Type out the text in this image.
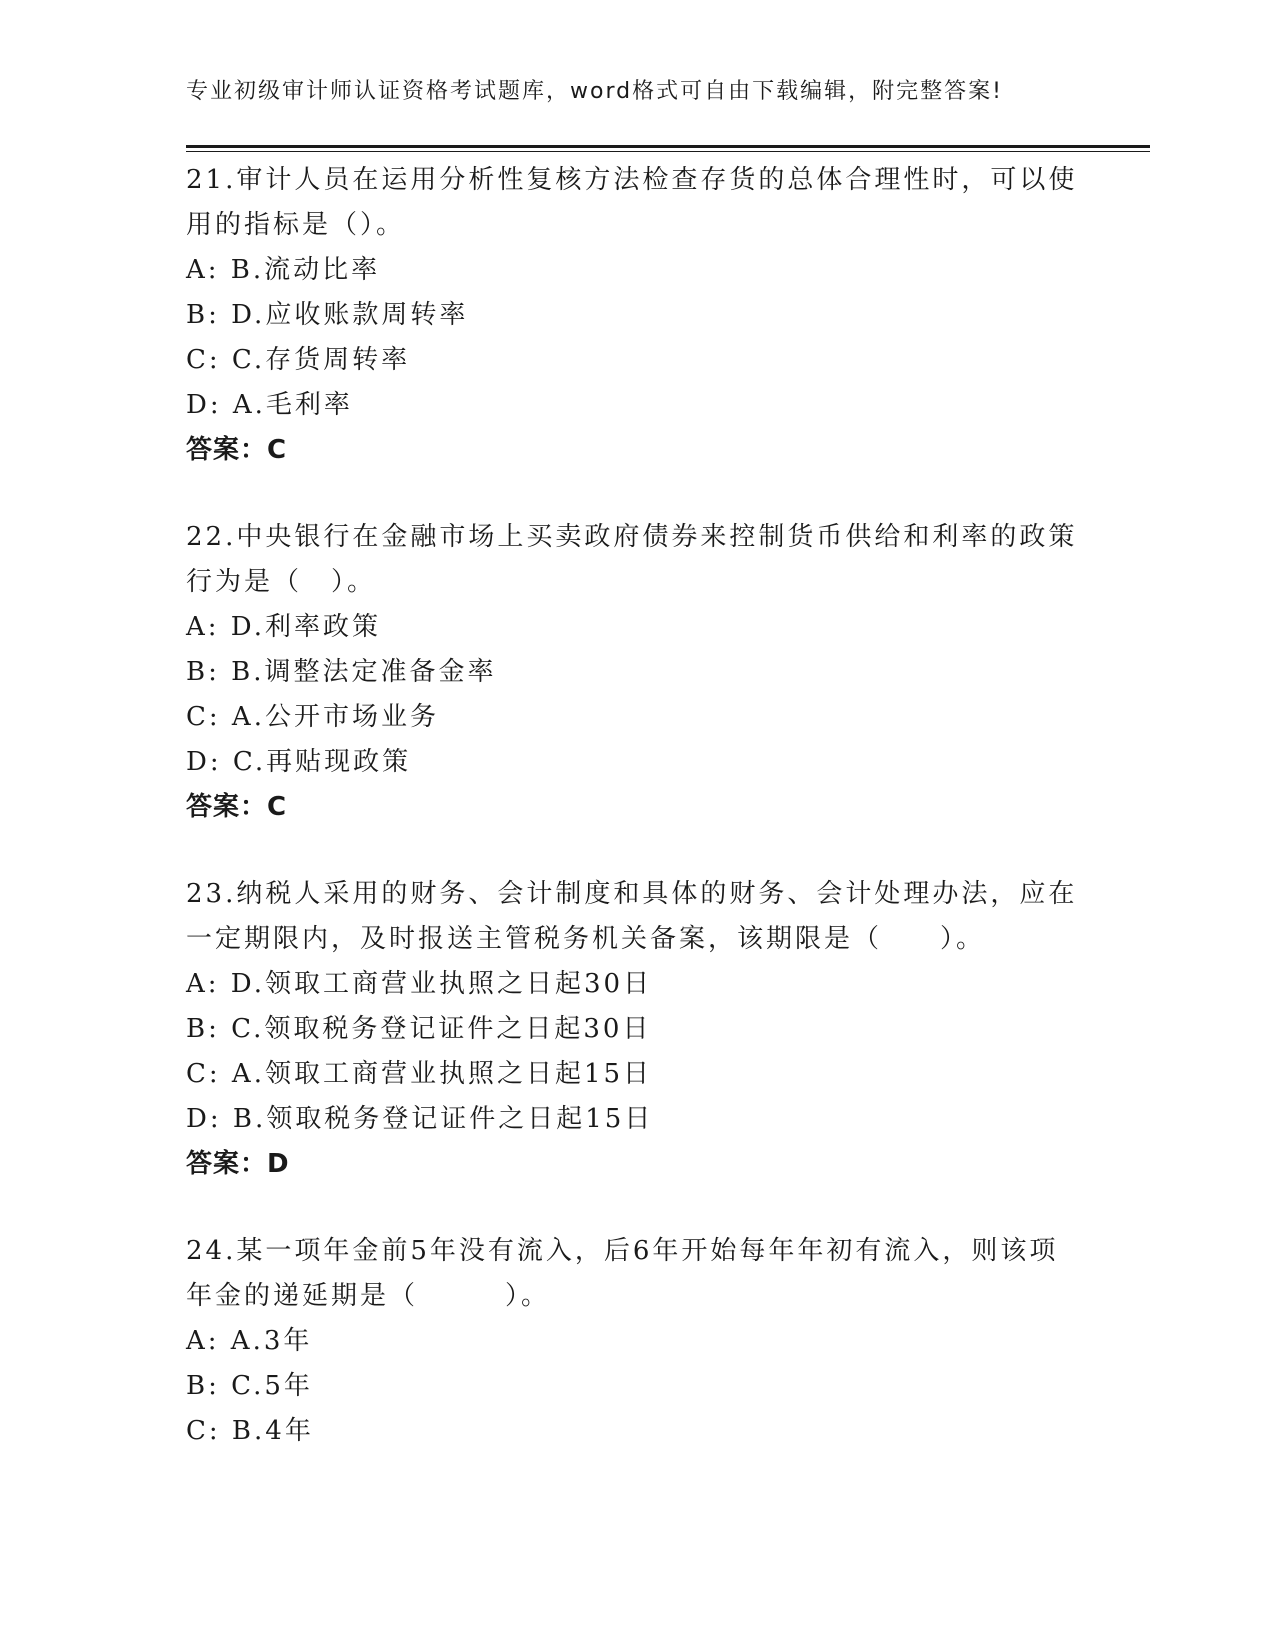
专业初级审计师认证资格考试题库，word格式可自由下载编辑，附完整答案!

21.审计人员在运用分析性复核方法检查存货的总体合理性时，可以使用的指标是（）。

A: B.流动比率

B: D.应收账款周转率

C: C.存货周转率

D: A.毛利率

答案：C

22.中央银行在金融市场上买卖政府债券来控制货币供给和利率的政策行为是（　）。

A: D.利率政策

B: B.调整法定准备金率

C: A.公开市场业务

D: C.再贴现政策

答案：C

23.纳税人采用的财务、会计制度和具体的财务、会计处理办法，应在一定期限内，及时报送主管税务机关备案，该期限是（　　）。

A: D.领取工商营业执照之日起30日

B: C.领取税务登记证件之日起30日

C: A.领取工商营业执照之日起15日

D: B.领取税务登记证件之日起15日

答案：D

24.某一项年金前5年没有流入，后6年开始每年年初有流入，则该项年金的递延期是（　　　）。

A: A.3年

B: C.5年

C: B.4年
